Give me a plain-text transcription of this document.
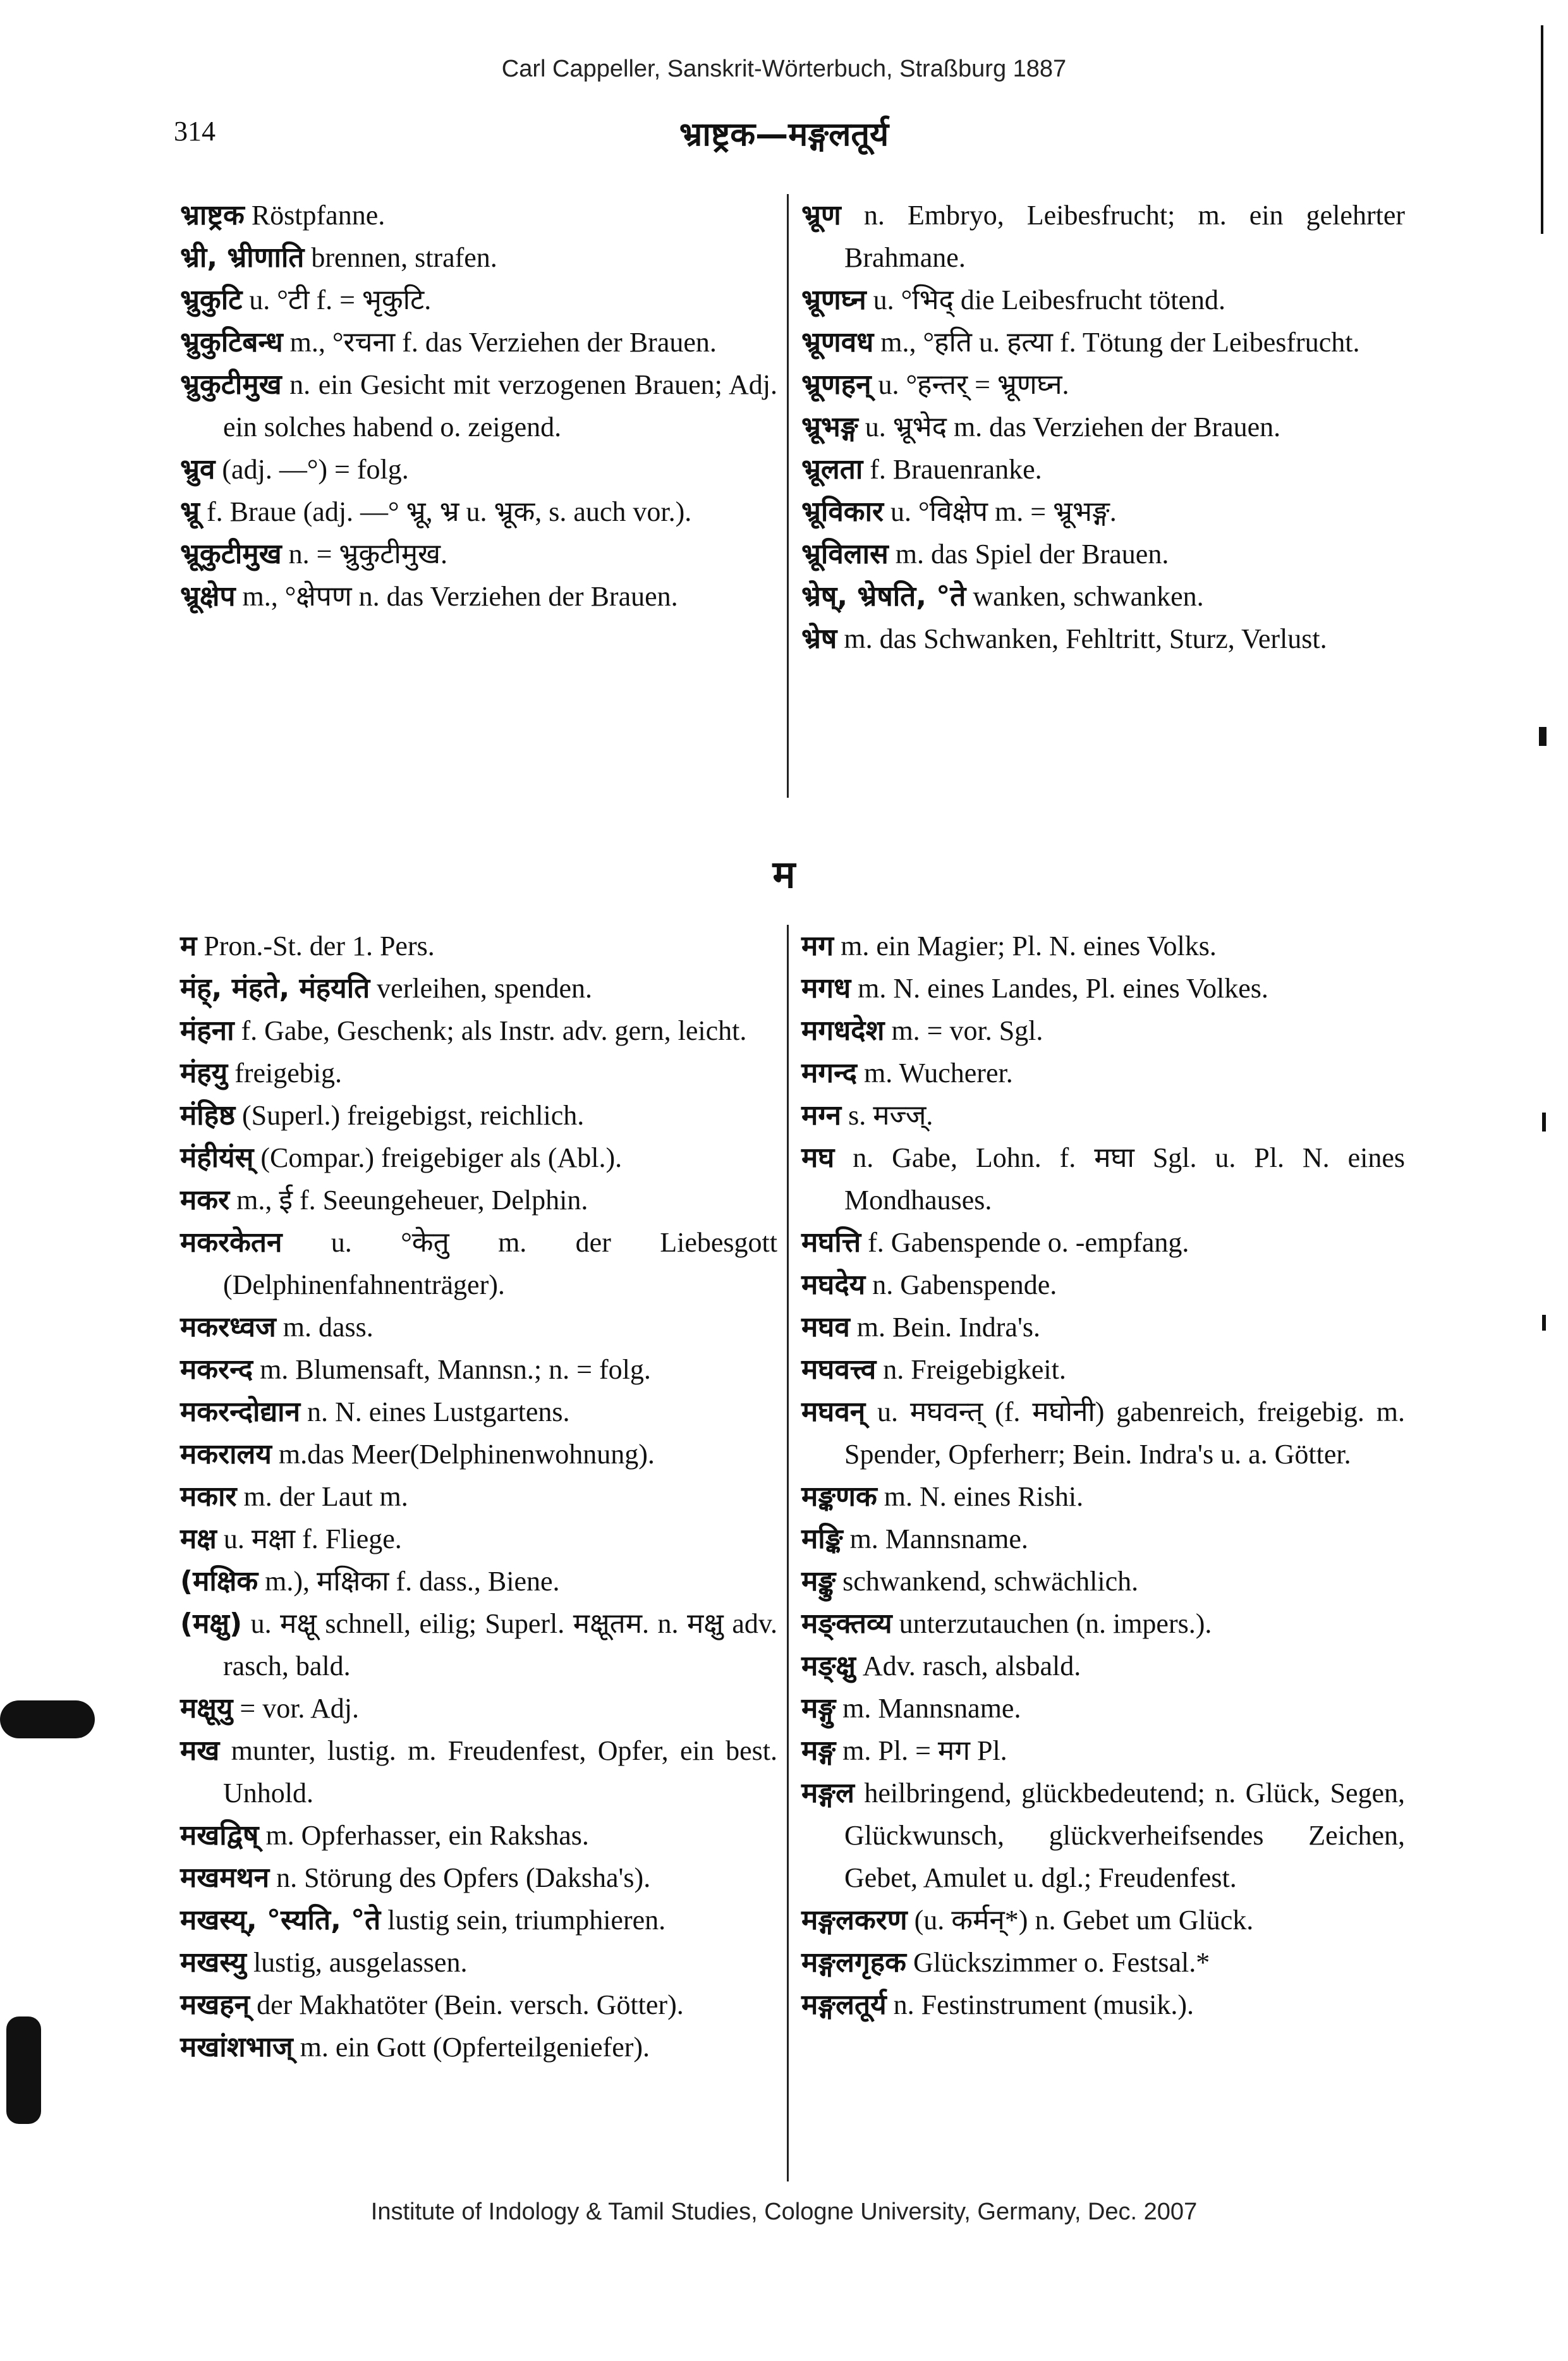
Carl Cappeller, Sanskrit-Wörterbuch, Straßburg 1887
314	भ्राष्ट्रक—मङ्गलतूर्य
भ्राष्ट्रक Röstpfanne.
भ्री, भ्रीणाति brennen, strafen.
भ्रुकुटि u. °टी f. = भृकुटि.
भ्रुकुटिबन्ध m., °रचना f. das Verziehen der Brauen.
भ्रुकुटीमुख n. ein Gesicht mit verzogenen Brauen; Adj. ein solches habend o. zeigend.
भ्रुव (adj. —°) = folg.
भ्रू f. Braue (adj. —° भ्रू, भ्र u. भ्रूक, s. auch vor.).
भ्रूकुटीमुख n. = भ्रुकुटीमुख.
भ्रूक्षेप m., °क्षेपण n. das Verziehen der Brauen.
भ्रूण n. Embryo, Leibesfrucht; m. ein gelehrter Brahmane.
भ्रूणघ्न u. °भिद् die Leibesfrucht tötend.
भ्रूणवध m., °हति u. हत्या f. Tötung der Leibesfrucht.
भ्रूणहन् u. °हन्तर् = भ्रूणघ्न.
भ्रूभङ्ग u. भ्रूभेद m. das Verziehen der Brauen.
भ्रूलता f. Brauenranke.
भ्रूविकार u. °विक्षेप m. = भ्रूभङ्ग.
भ्रूविलास m. das Spiel der Brauen.
भ्रेष्, भ्रेषति, °ते wanken, schwanken.
भ्रेष m. das Schwanken, Fehltritt, Sturz, Verlust.
म
म Pron.-St. der 1. Pers.
मंह्, मंहते, मंहयति verleihen, spenden.
मंहना f. Gabe, Geschenk; als Instr. adv. gern, leicht.
मंहयु freigebig.
मंहिष्ठ (Superl.) freigebigst, reichlich.
मंहीयंस् (Compar.) freigebiger als (Abl.).
मकर m., ई f. Seeungeheuer, Delphin.
मकरकेतन u. °केतु m. der Liebesgott (Delphinenfahnenträger).
मकरध्वज m. dass.
मकरन्द m. Blumensaft, Mannsn.; n. = folg.
मकरन्दोद्यान n. N. eines Lustgartens.
मकरालय m.das Meer(Delphinenwohnung).
मकार m. der Laut m.
मक्ष u. मक्षा f. Fliege.
(मक्षिक m.), मक्षिका f. dass., Biene.
(मक्षु) u. मक्षू schnell, eilig; Superl. मक्षूतम. n. मक्षु adv. rasch, bald.
मक्षूयु = vor. Adj.
मख munter, lustig. m. Freudenfest, Opfer, ein best. Unhold.
मखद्विष् m. Opferhasser, ein Rakshas.
मखमथन n. Störung des Opfers (Daksha's).
मखस्य्, °स्यति, °ते lustig sein, triumphieren.
मखस्यु lustig, ausgelassen.
मखहन् der Makhatöter (Bein. versch. Götter).
मखांशभाज् m. ein Gott (Opferteilgeniefer).
मग m. ein Magier; Pl. N. eines Volks.
मगध m. N. eines Landes, Pl. eines Volkes.
मगधदेश m. = vor. Sgl.
मगन्द m. Wucherer.
मग्न s. मज्ज्.
मघ n. Gabe, Lohn. f. मघा Sgl. u. Pl. N. eines Mondhauses.
मघत्ति f. Gabenspende o. -empfang.
मघदेय n. Gabenspende.
मघव m. Bein. Indra's.
मघवत्त्व n. Freigebigkeit.
मघवन् u. मघवन्त् (f. मघोनी) gabenreich, freigebig. m. Spender, Opferherr; Bein. Indra's u. a. Götter.
मङ्कणक m. N. eines Rishi.
मङ्कि m. Mannsname.
मङ्कु schwankend, schwächlich.
मङ्क्तव्य unterzutauchen (n. impers.).
मङ्क्षु Adv. rasch, alsbald.
मङ्गु m. Mannsname.
मङ्ग m. Pl. = मग Pl.
मङ्गल heilbringend, glückbedeutend; n. Glück, Segen, Glückwunsch, glückverheifsendes Zeichen, Gebet, Amulet u. dgl.; Freudenfest.
मङ्गलकरण (u. कर्मन्*) n. Gebet um Glück.
मङ्गलगृहक Glückszimmer o. Festsal.*
मङ्गलतूर्य n. Festinstrument (musik.).
Institute of Indology & Tamil Studies, Cologne University, Germany, Dec. 2007
